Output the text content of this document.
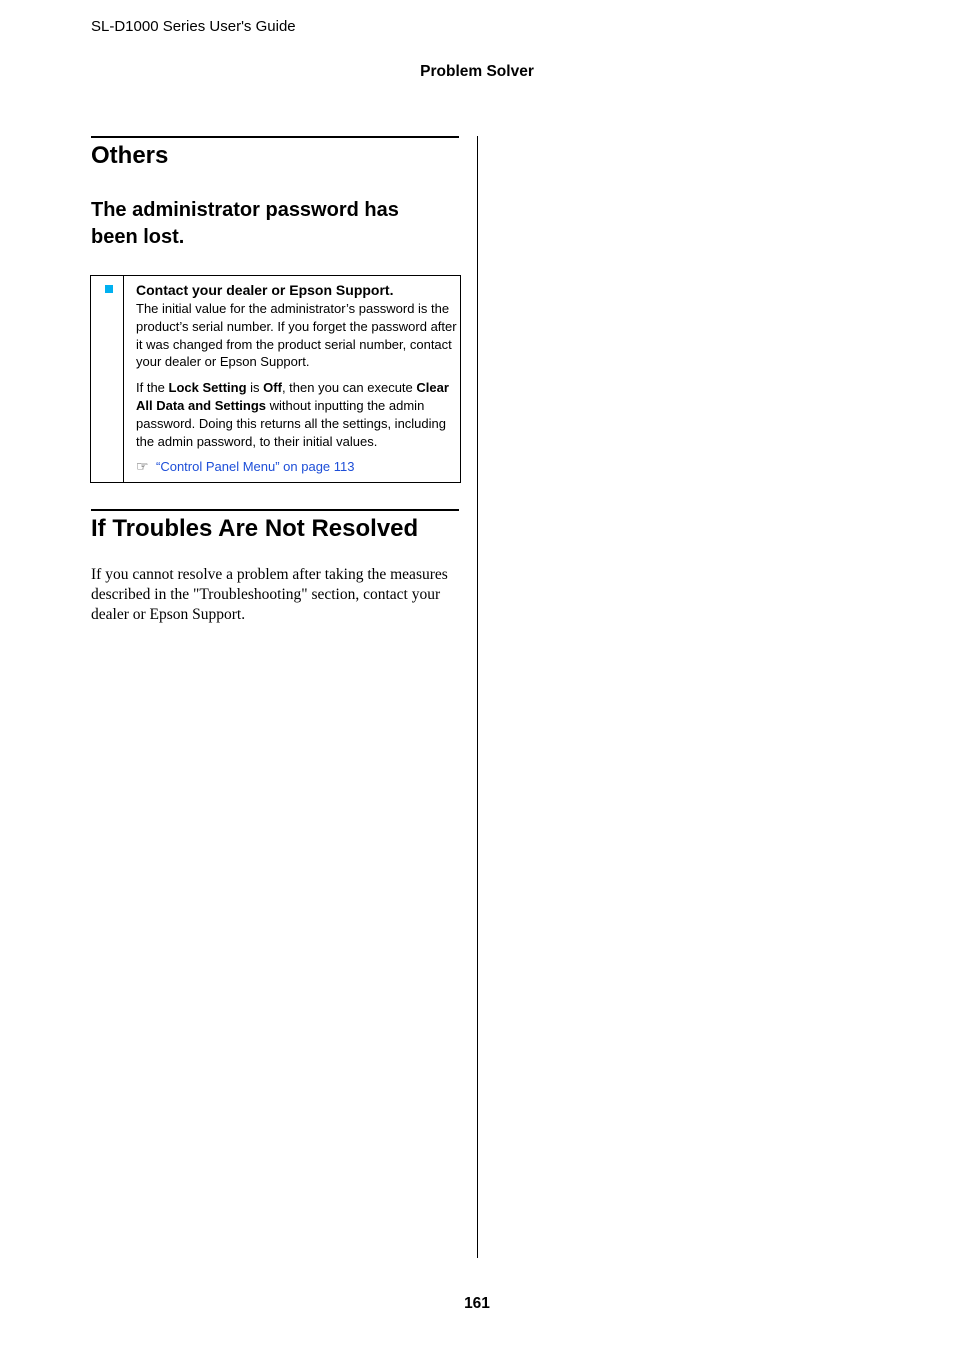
SL-D1000 Series User's Guide
Problem Solver
Others
The administrator password has been lost.

Contact your dealer or Epson Support.

The initial value for the administrator’s password is the product’s serial number. If you forget the password after it was changed from the product serial number, contact your dealer or Epson Support.

If the Lock Setting is Off, then you can execute Clear All Data and Settings without inputting the admin password. Doing this returns all the settings, including the admin password, to their initial values.

☞ “Control Panel Menu” on page 113

If Troubles Are Not Resolved

If you cannot resolve a problem after taking the measures described in the "Troubleshooting" section, contact your dealer or Epson Support.

161
